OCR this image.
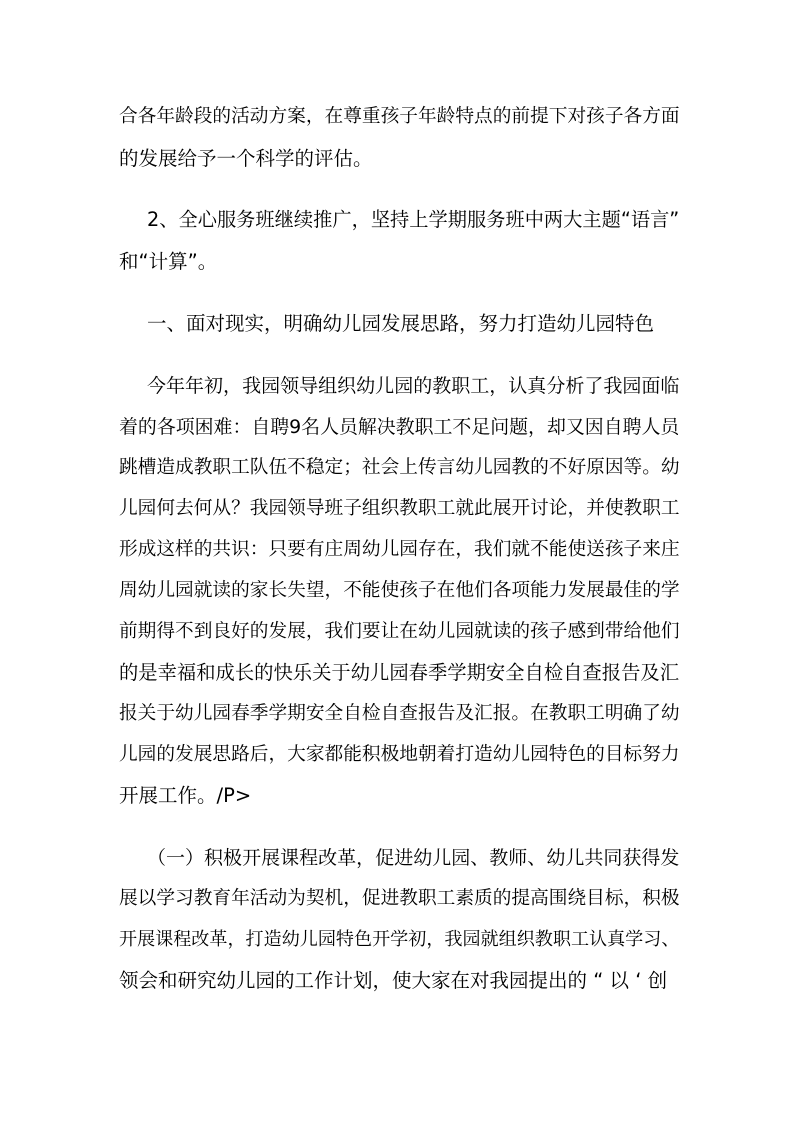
合各年龄段的活动方案，在尊重孩子年龄特点的前提下对孩子各方面
的发展给予一个科学的评估。
2、全心服务班继续推广，坚持上学期服务班中两大主题“语言”
和“计算”。
一、面对现实，明确幼儿园发展思路，努力打造幼儿园特色
今年年初，我园领导组织幼儿园的教职工，认真分析了我园面临
着的各项困难：自聘9名人员解决教职工不足问题，却又因自聘人员
跳槽造成教职工队伍不稳定；社会上传言幼儿园教的不好原因等。幼
儿园何去何从？我园领导班子组织教职工就此展开讨论，并使教职工
形成这样的共识：只要有庄周幼儿园存在，我们就不能使送孩子来庄
周幼儿园就读的家长失望，不能使孩子在他们各项能力发展最佳的学
前期得不到良好的发展，我们要让在幼儿园就读的孩子感到带给他们
的是幸福和成长的快乐关于幼儿园春季学期安全自检自查报告及汇
报关于幼儿园春季学期安全自检自查报告及汇报。在教职工明确了幼
儿园的发展思路后，大家都能积极地朝着打造幼儿园特色的目标努力
开展工作。/P>
（一）积极开展课程改革，促进幼儿园、教师、幼儿共同获得发
展以学习教育年活动为契机，促进教职工素质的提高围绕目标，积极
开展课程改革，打造幼儿园特色开学初，我园就组织教职工认真学习、
领会和研究幼儿园的工作计划，使大家在对我园提出的 “ 以 ‘ 创
